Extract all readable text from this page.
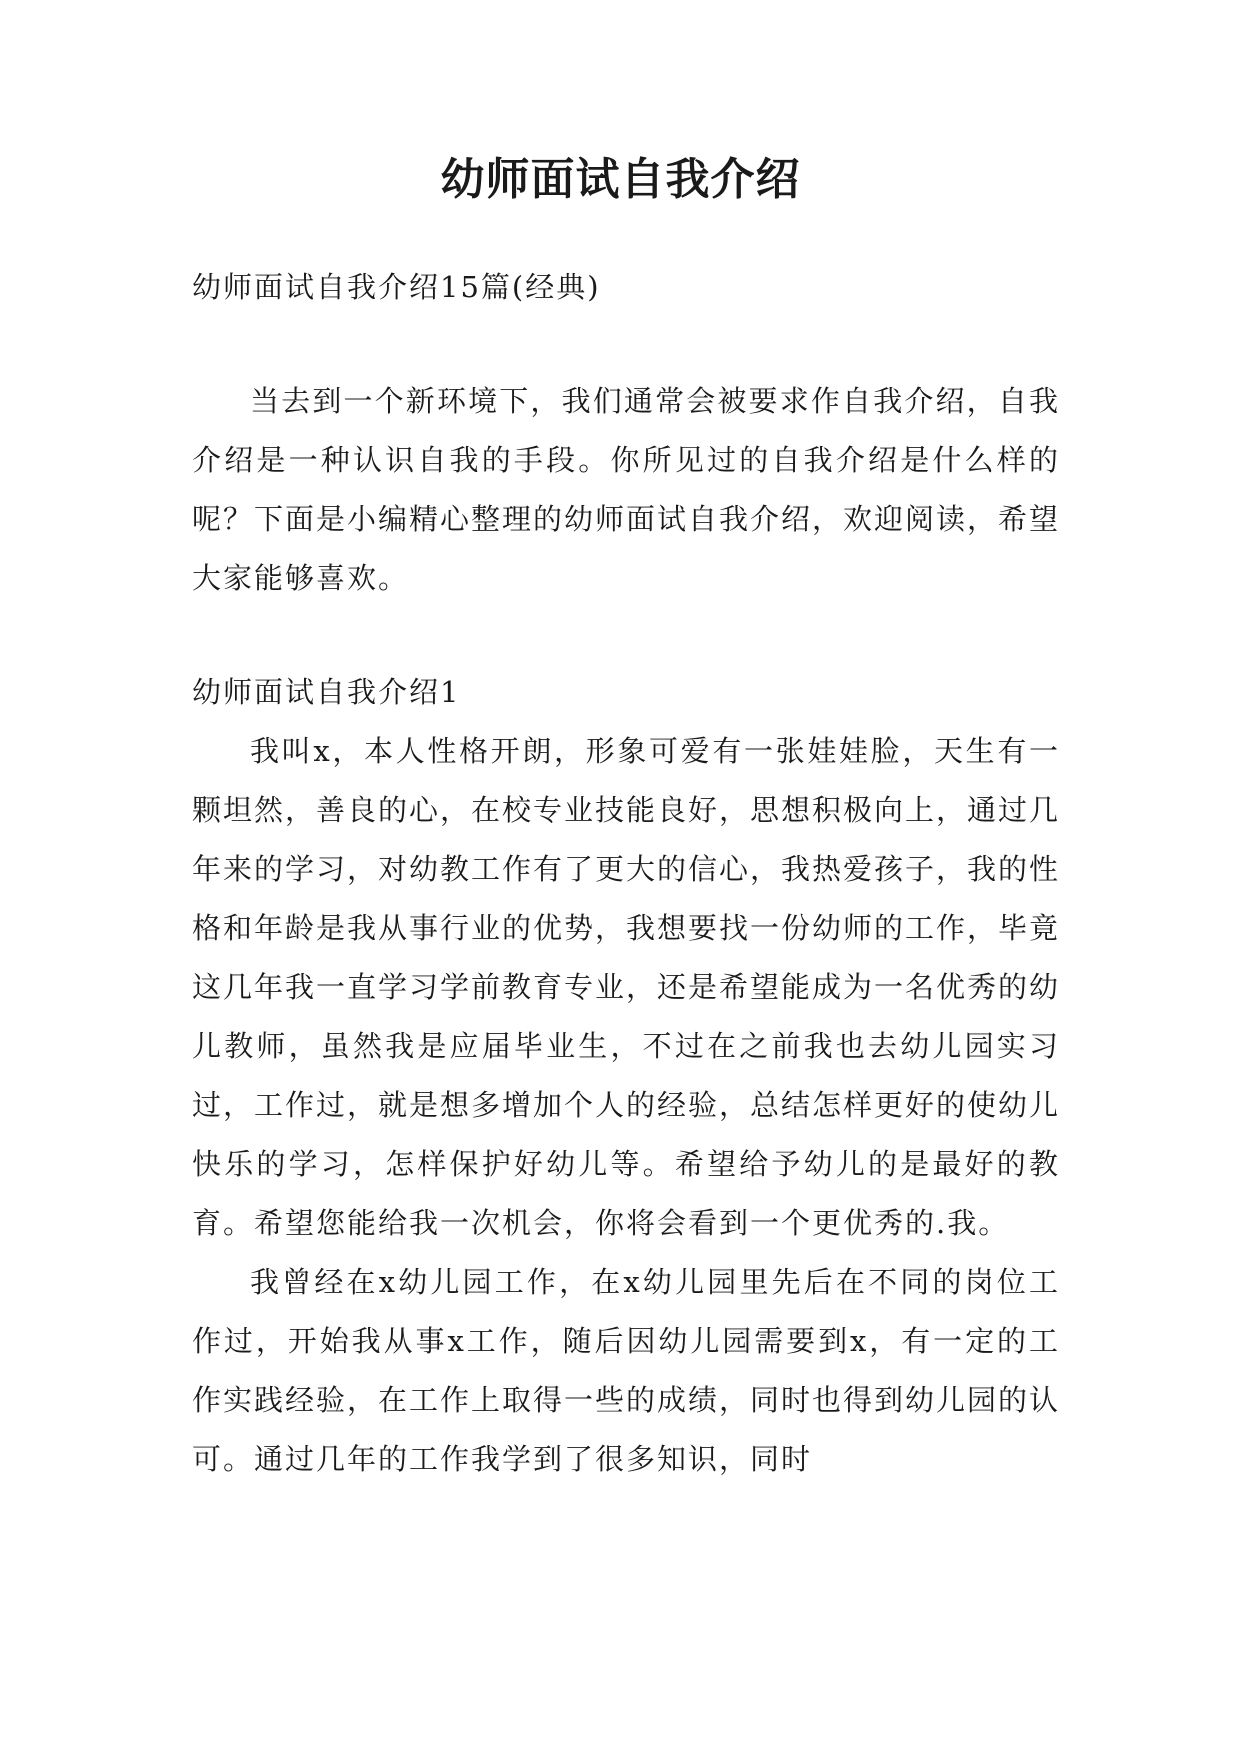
幼师面试自我介绍

幼师面试自我介绍15篇(经典)

当去到一个新环境下，我们通常会被要求作自我介绍，自我介绍是一种认识自我的手段。你所见过的自我介绍是什么样的呢？下面是小编精心整理的幼师面试自我介绍，欢迎阅读，希望大家能够喜欢。

幼师面试自我介绍1

我叫x，本人性格开朗，形象可爱有一张娃娃脸，天生有一颗坦然，善良的心，在校专业技能良好，思想积极向上，通过几年来的学习，对幼教工作有了更大的信心，我热爱孩子，我的性格和年龄是我从事行业的优势，我想要找一份幼师的工作，毕竟这几年我一直学习学前教育专业，还是希望能成为一名优秀的幼儿教师，虽然我是应届毕业生，不过在之前我也去幼儿园实习过，工作过，就是想多增加个人的经验，总结怎样更好的使幼儿快乐的学习，怎样保护好幼儿等。希望给予幼儿的是最好的教育。希望您能给我一次机会，你将会看到一个更优秀的.我。

我曾经在x幼儿园工作，在x幼儿园里先后在不同的岗位工作过，开始我从事x工作，随后因幼儿园需要到x，有一定的工作实践经验，在工作上取得一些的成绩，同时也得到幼儿园的认可。通过几年的工作我学到了很多知识，同时
